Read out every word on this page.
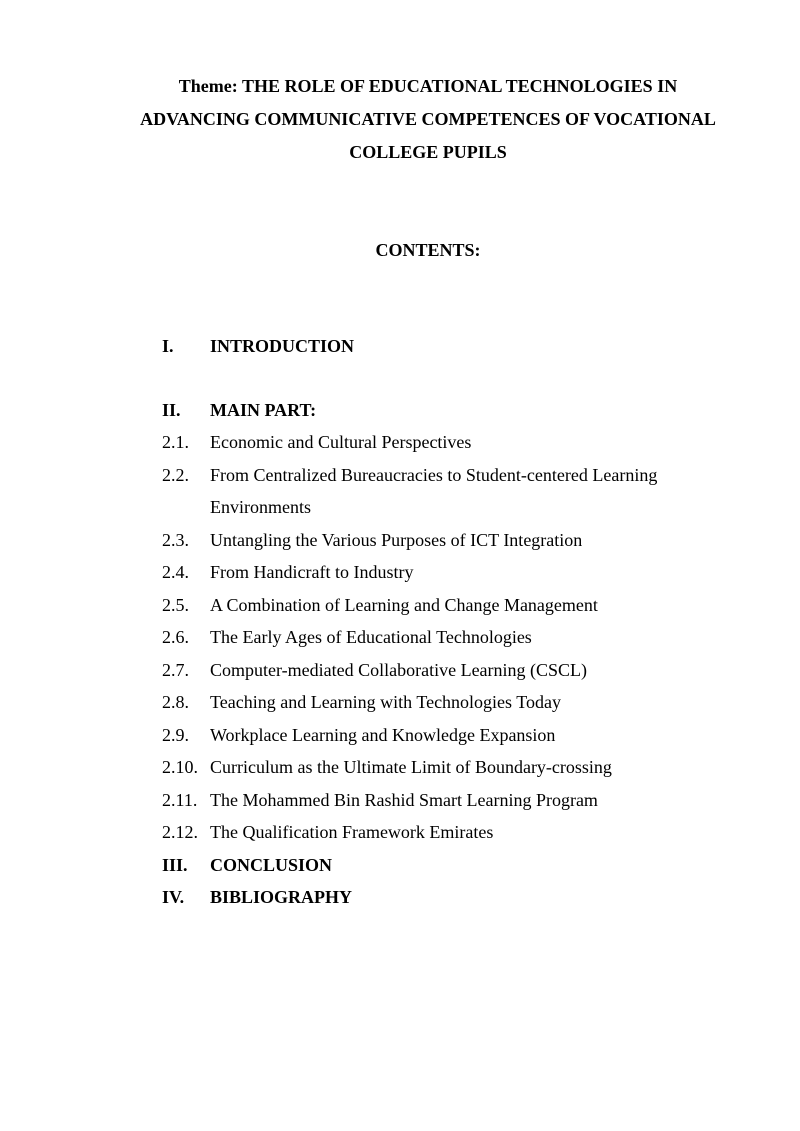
Theme: THE ROLE OF EDUCATIONAL TECHNOLOGIES IN
ADVANCING COMMUNICATIVE COMPETENCES OF VOCATIONAL
COLLEGE PUPILS
CONTENTS:
I.	INTRODUCTION
II.	MAIN PART:
2.1.	Economic and Cultural Perspectives
2.2.	From Centralized Bureaucracies to Student-centered Learning Environments
2.3.	Untangling the Various Purposes of ICT Integration
2.4.	From Handicraft to Industry
2.5.	A Combination of Learning and Change Management
2.6.	The Early Ages of Educational Technologies
2.7.	Computer-mediated Collaborative Learning (CSCL)
2.8.	Teaching and Learning with Technologies Today
2.9.	Workplace Learning and Knowledge Expansion
2.10. Curriculum as the Ultimate Limit of Boundary-crossing
2.11. The Mohammed Bin Rashid Smart Learning Program
2.12. The Qualification Framework Emirates
III.	CONCLUSION
IV.	BIBLIOGRAPHY
